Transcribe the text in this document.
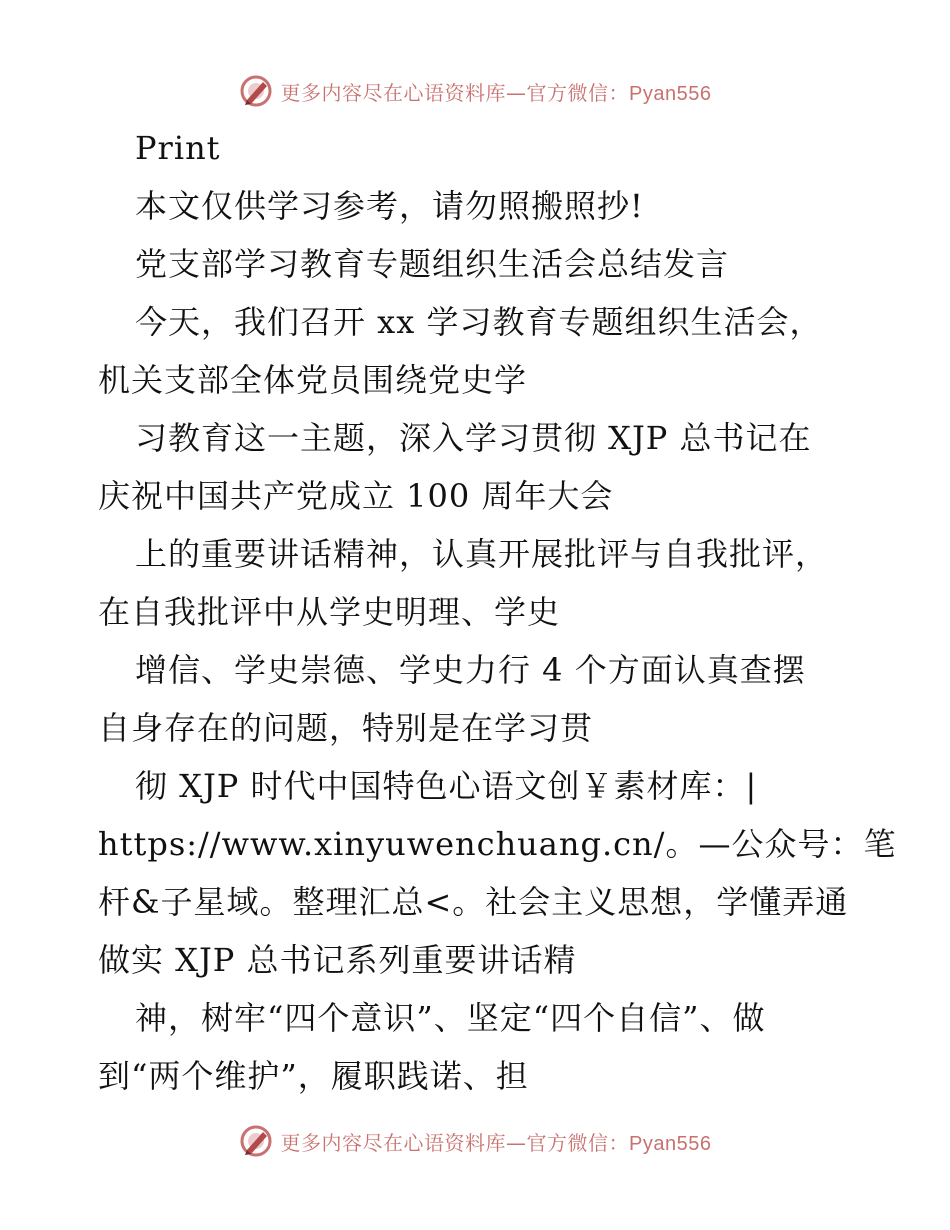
更多内容尽在心语资料库—官方微信：Pyan556
Print
本文仅供学习参考，请勿照搬照抄!
党支部学习教育专题组织生活会总结发言
今天，我们召开 xx 学习教育专题组织生活会，
机关支部全体党员围绕党史学
习教育这一主题，深入学习贯彻 XJP 总书记在
庆祝中国共产党成立 100 周年大会
上的重要讲话精神，认真开展批评与自我批评，
在自我批评中从学史明理、学史
增信、学史崇德、学史力行 4 个方面认真查摆
自身存在的问题，特别是在学习贯
彻 XJP 时代中国特色心语文创￥素材库：|
https://www.xinyuwenchuang.cn/。—公众号：笔
杆&子星域。整理汇总<。社会主义思想，学懂弄通
做实 XJP 总书记系列重要讲话精
神，树牢“四个意识”、坚定“四个自信”、做
到“两个维护”，履职践诺、担
更多内容尽在心语资料库—官方微信：Pyan556
